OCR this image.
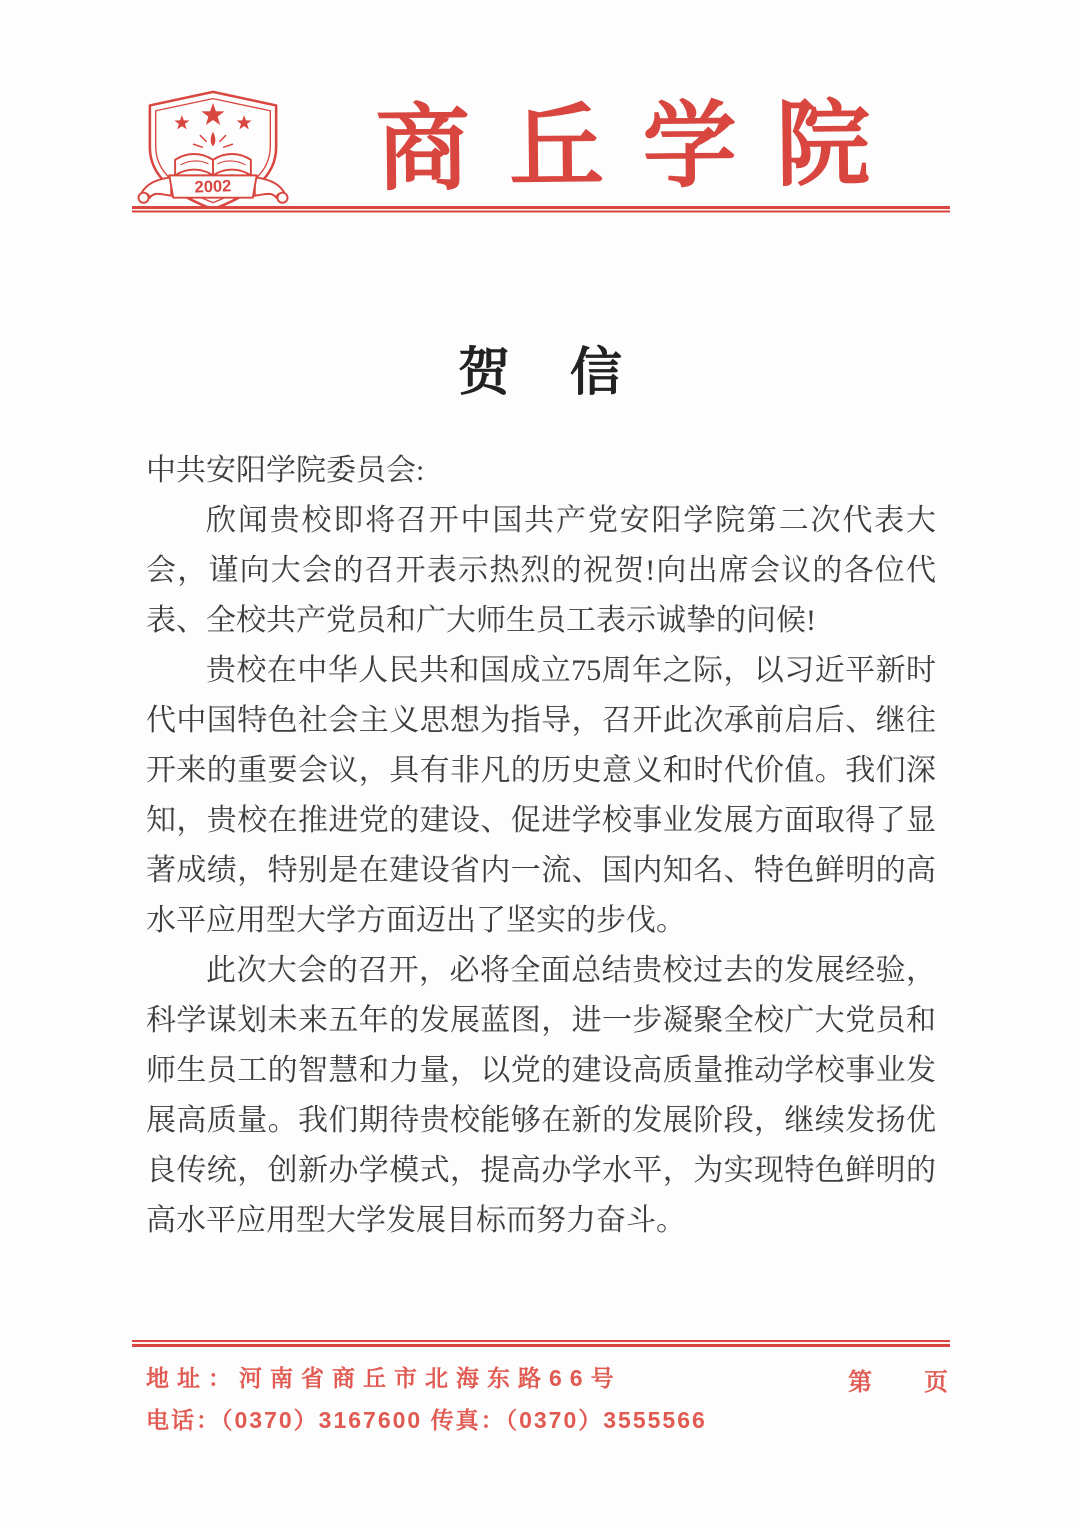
2002	商丘学院
贺信

中共安阳学院委员会:

欣闻贵校即将召开中国共产党安阳学院第二次代表大会，谨向大会的召开表示热烈的祝贺!向出席会议的各位代表、全校共产党员和广大师生员工表示诚挚的问候!

贵校在中华人民共和国成立75周年之际，以习近平新时代中国特色社会主义思想为指导，召开此次承前启后、继往开来的重要会议，具有非凡的历史意义和时代价值。我们深知，贵校在推进党的建设、促进学校事业发展方面取得了显著成绩，特别是在建设省内一流、国内知名、特色鲜明的高水平应用型大学方面迈出了坚实的步伐。

此次大会的召开，必将全面总结贵校过去的发展经验，科学谋划未来五年的发展蓝图，进一步凝聚全校广大党员和师生员工的智慧和力量，以党的建设高质量推动学校事业发展高质量。我们期待贵校能够在新的发展阶段，继续发扬优良传统，创新办学模式，提高办学水平，为实现特色鲜明的高水平应用型大学发展目标而努力奋斗。

地址：河南省商丘市北海东路66号
电话：（0370）3167600 传真：（0370）3555566
第 页
